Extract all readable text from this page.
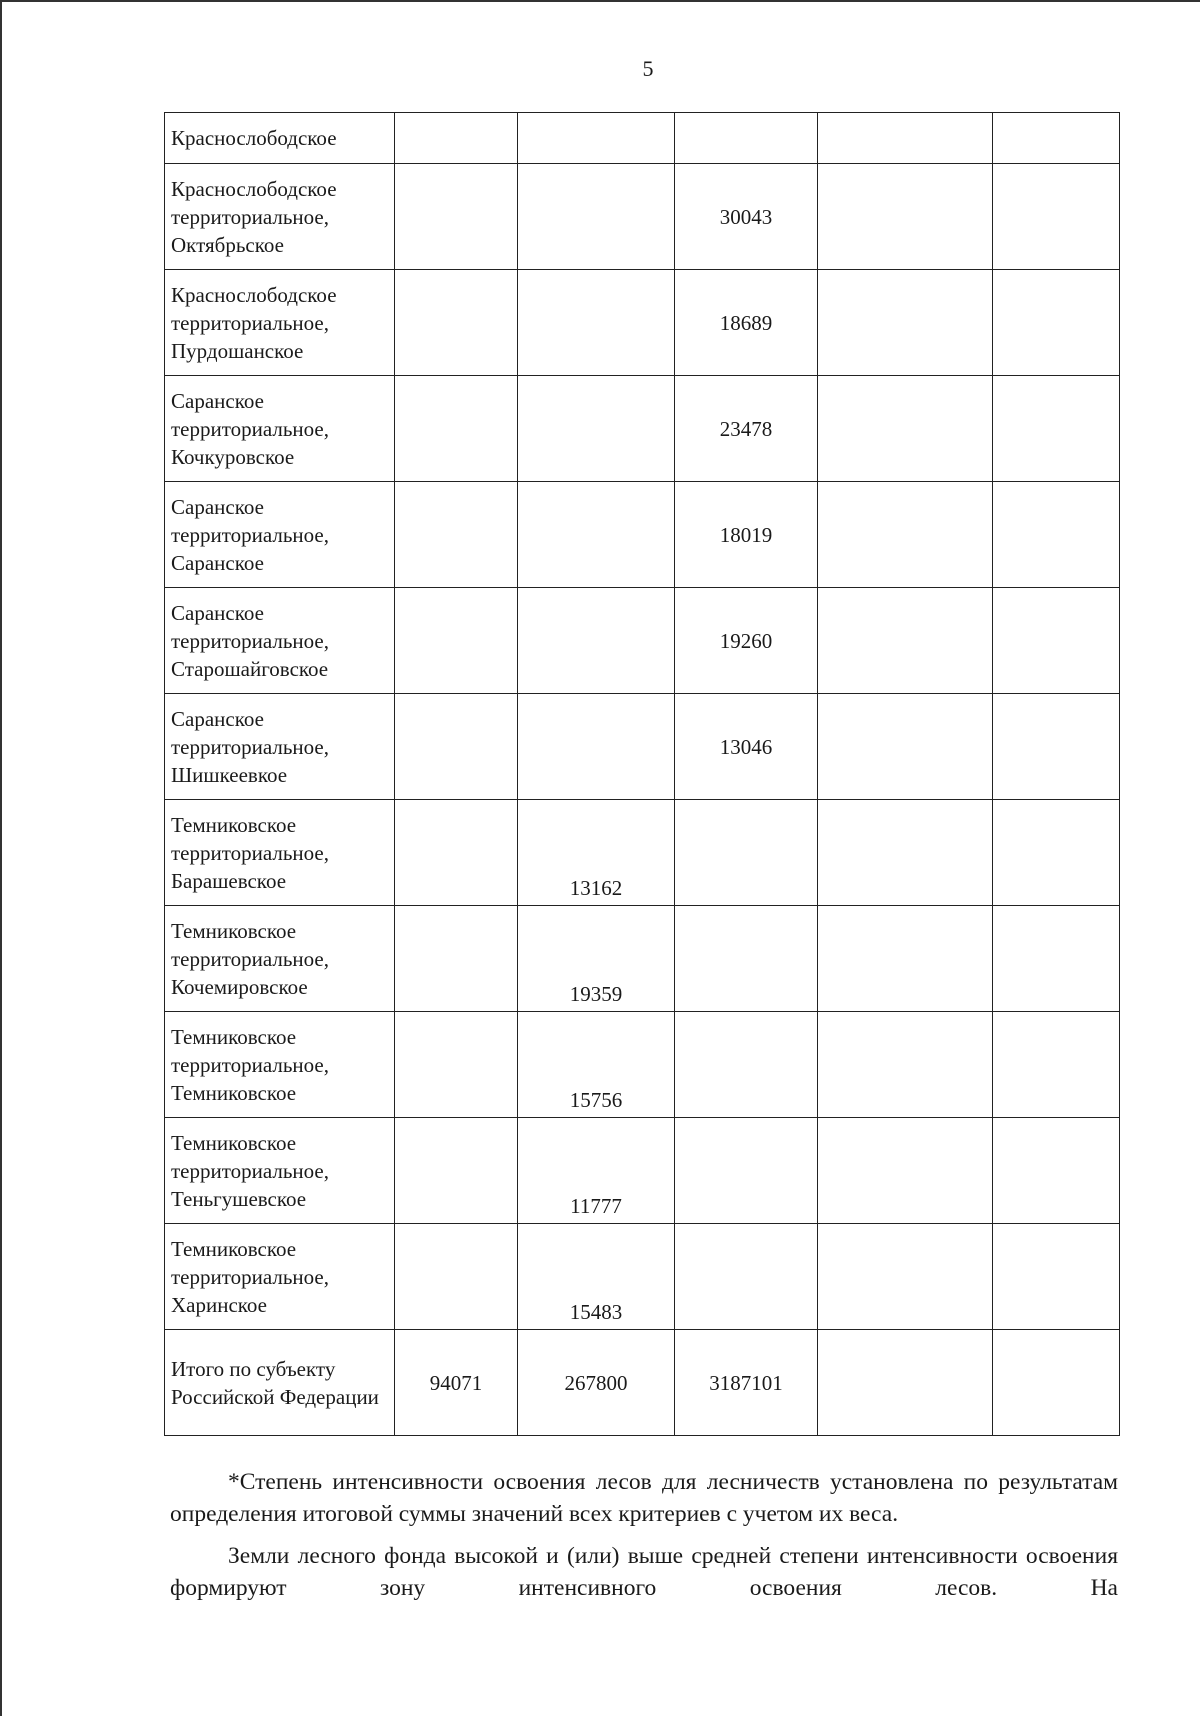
5
Краснослободское					
Краснослободское территориальное, Октябрьское			30043		
Краснослободское территориальное, Пурдошанское			18689		
Саранское территориальное, Кочкуровское			23478		
Саранское территориальное, Саранское			18019		
Саранское территориальное, Старошайговское			19260		
Саранское территориальное, Шишкеевкое			13046		
Темниковское территориальное, Барашевское		13162			
Темниковское территориальное, Кочемировское		19359			
Темниковское территориальное, Темниковское		15756			
Темниковское территориальное, Теньгушевское		11777			
Темниковское территориальное, Харинское		15483			
Итого по субъекту Российской Федерации	94071	267800	3187101		

*Степень интенсивности освоения лесов для лесничеств установлена по результатам определения итоговой суммы значений всех критериев с учетом их веса.

Земли лесного фонда высокой и (или) выше средней степени интенсивности освоения формируют зону интенсивного освоения лесов. На
